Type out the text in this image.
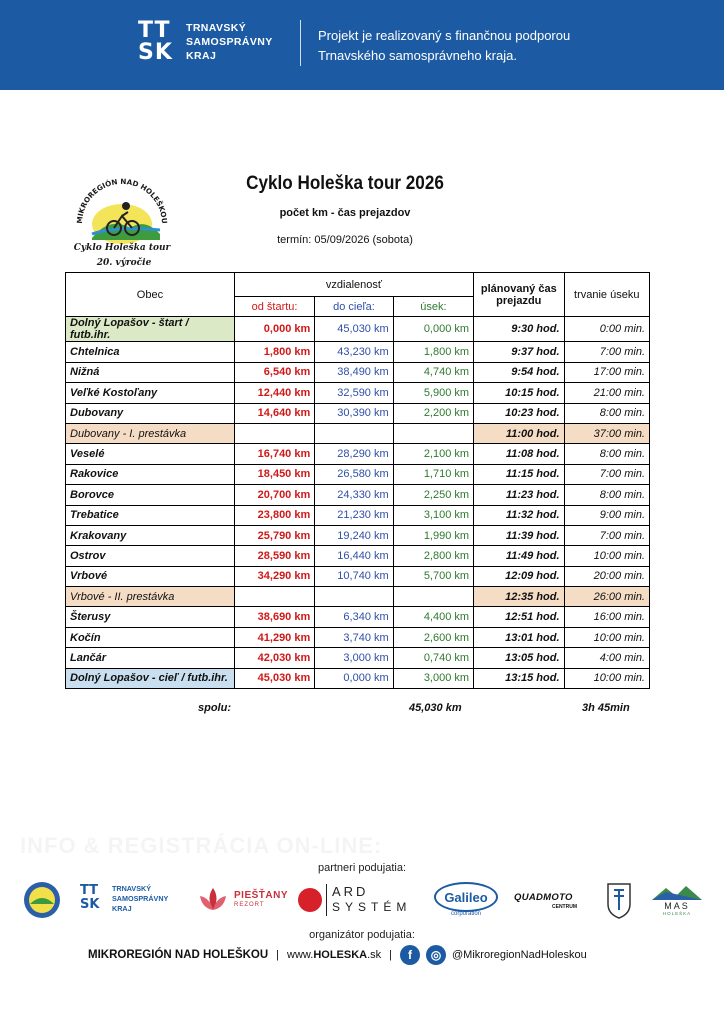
TT
SK
TRNAVSKÝ
SAMOSPRÁVNY
KRAJ
Projekt je realizovaný s finančnou podporou
Trnavského samosprávneho kraja.
MIKROREGIÓN NAD HOLEŠKOU
Cyklo Holeška tour
20. výročie
Cyklo Holeška tour 2026
počet km - čas prejazdov
termín: 05/09/2026 (sobota)
Obec	vzdialenosť			plánovaný čas prejazdu	trvanie úseku
	od štartu:	do cieľa:	úsek:		
Dolný Lopašov - štart / futb.ihr.	0,000 km	45,030 km	0,000 km	9:30 hod.	0:00 min.
Chtelnica	1,800 km	43,230 km	1,800 km	9:37 hod.	7:00 min.
Nižná	6,540 km	38,490 km	4,740 km	9:54 hod.	17:00 min.
Veľké Kostoľany	12,440 km	32,590 km	5,900 km	10:15 hod.	21:00 min.
Dubovany	14,640 km	30,390 km	2,200 km	10:23 hod.	8:00 min.
Dubovany - I. prestávka				11:00 hod.	37:00 min.
Veselé	16,740 km	28,290 km	2,100 km	11:08 hod.	8:00 min.
Rakovice	18,450 km	26,580 km	1,710 km	11:15 hod.	7:00 min.
Borovce	20,700 km	24,330 km	2,250 km	11:23 hod.	8:00 min.
Trebatice	23,800 km	21,230 km	3,100 km	11:32 hod.	9:00 min.
Krakovany	25,790 km	19,240 km	1,990 km	11:39 hod.	7:00 min.
Ostrov	28,590 km	16,440 km	2,800 km	11:49 hod.	10:00 min.
Vrbové	34,290 km	10,740 km	5,700 km	12:09 hod.	20:00 min.
Vrbové - II. prestávka				12:35 hod.	26:00 min.
Šterusy	38,690 km	6,340 km	4,400 km	12:51 hod.	16:00 min.
Kočín	41,290 km	3,740 km	2,600 km	13:01 hod.	10:00 min.
Lančár	42,030 km	3,000 km	0,740 km	13:05 hod.	4:00 min.
Dolný Lopašov - cieľ / futb.ihr.	45,030 km	0,000 km	3,000 km	13:15 hod.	10:00 min.
spolu:	45,030 km	3h 45min
partneri podujatia:
TT
SK
TRNAVSKÝ SAMOSPRÁVNY KRAJ
PIEŠŤANY
REZORT
ARD
SYSTÉM
Galileo
corporation
QUADMOTO
CENTRUM	MAS
HOLEŠKA
organizátor podujatia:
MIKROREGIÓN NAD HOLEŠKOU | www.HOLESKA.sk |	f	◎ @MikroregionNadHoleskou
